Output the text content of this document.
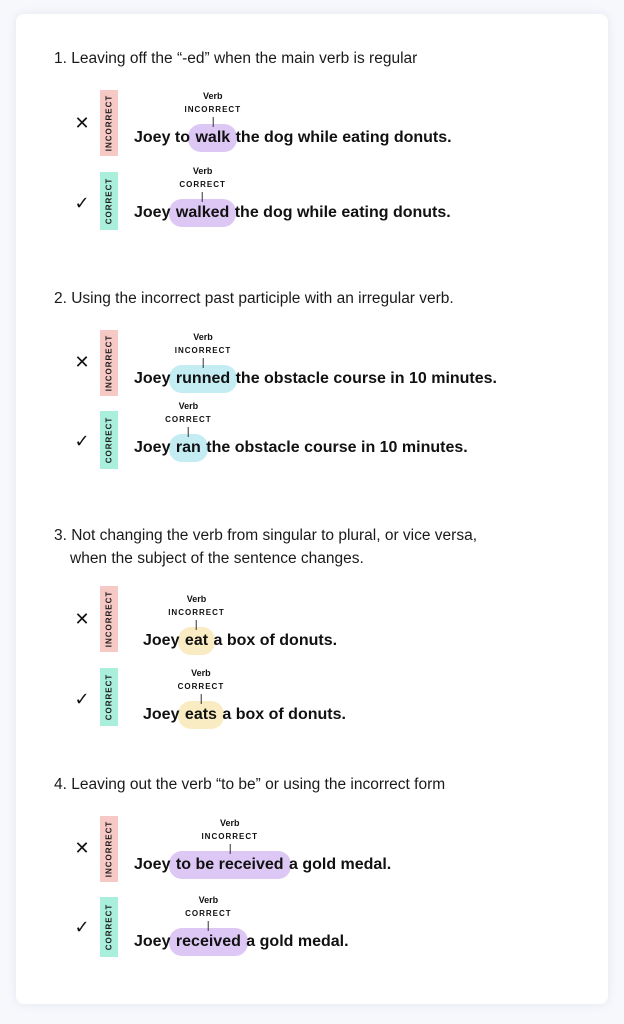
1. Leaving off the “-ed” when the main verb is regular
✕	INCORRECT Joey to
Verb
INCORRECT
walk the dog while eating donuts.
✓	CORRECT Joey
Verb
CORRECT
walked the dog while eating donuts.
2. Using the incorrect past participle with an irregular verb.
✕	INCORRECT Joey
Verb
INCORRECT
runned the obstacle course in 10 minutes.
✓	CORRECT Joey
Verb
CORRECT
ran the obstacle course in 10 minutes.
3. Not changing the verb from singular to plural, or vice versa,
when the subject of the sentence changes.
✕	INCORRECT Joey
Verb
INCORRECT
eat a box of donuts.
✓	CORRECT Joey
Verb
CORRECT
eats a box of donuts.
4. Leaving out the verb “to be” or using the incorrect form
✕	INCORRECT Joey
Verb
INCORRECT
to be received a gold medal.
✓	CORRECT Joey
Verb
CORRECT
received a gold medal.
